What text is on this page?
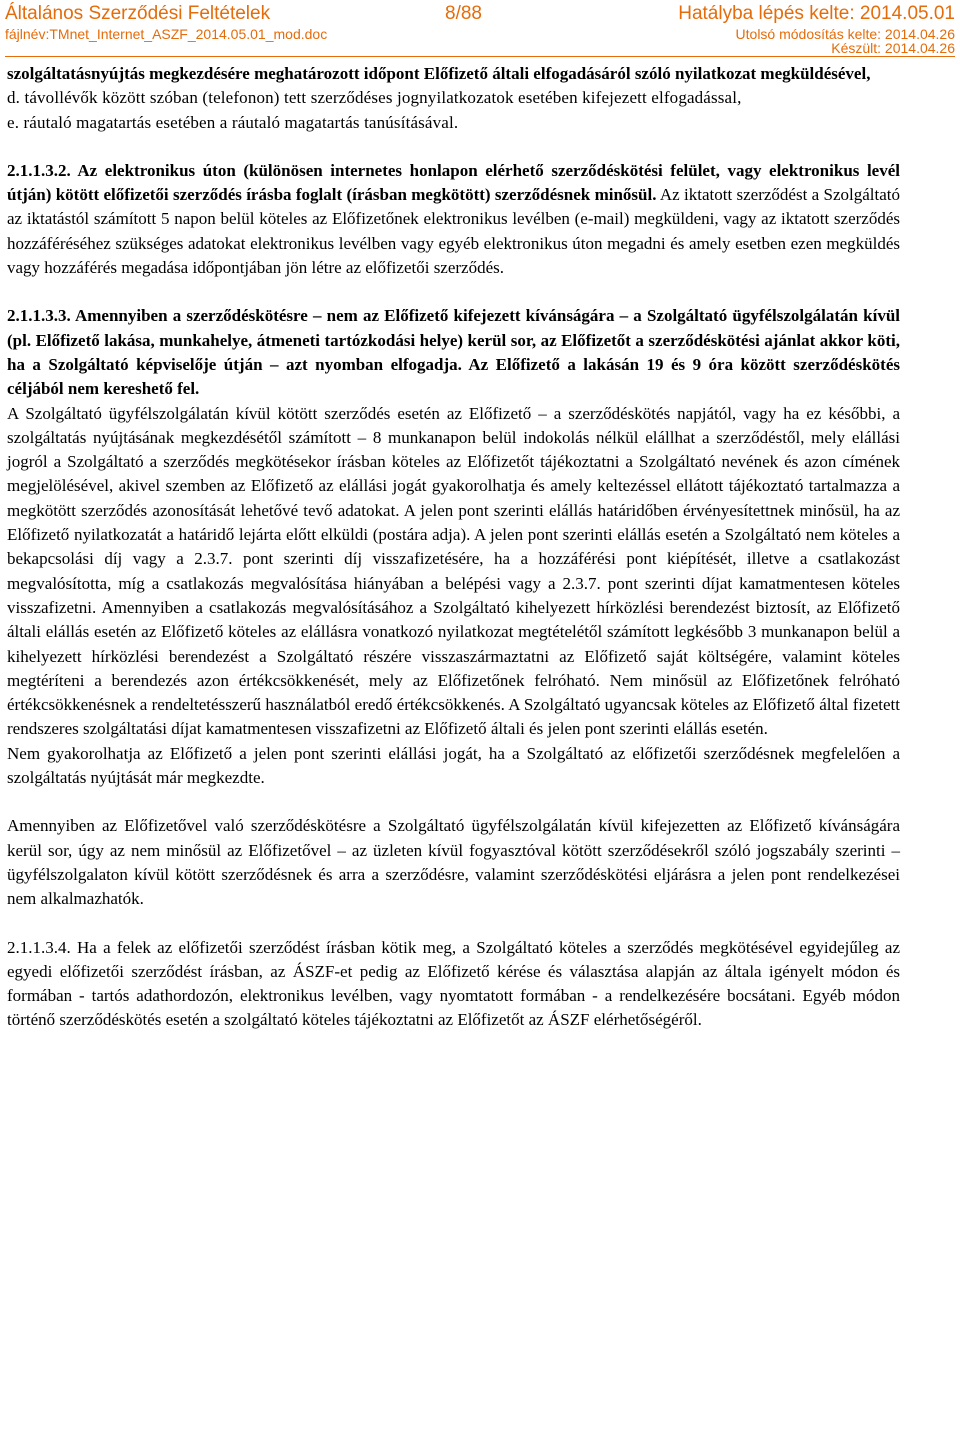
Általános Szerződési Feltételek	8/88	Hatályba lépés kelte: 2014.05.01
fájlnév:TMnet_Internet_ASZF_2014.05.01_mod.doc	Utolsó módosítás kelte: 2014.04.26
Készült: 2014.04.26

szolgáltatásnyújtás megkezdésére meghatározott időpont Előfizető általi elfogadásáról szóló nyilatkozat megküldésével,

d. távollévők között szóban (telefonon) tett szerződéses jognyilatkozatok esetében kifejezett elfogadással,

e. ráutaló magatartás esetében a ráutaló magatartás tanúsításával.

2.1.1.3.2. Az elektronikus úton (különösen internetes honlapon elérhető szerződéskötési felület, vagy elektronikus levél útján) kötött előfizetői szerződés írásba foglalt (írásban megkötött) szerződésnek minősül. Az iktatott szerződést a Szolgáltató az iktatástól számított 5 napon belül köteles az Előfizetőnek elektronikus levélben (e-mail) megküldeni, vagy az iktatott szerződés hozzáféréséhez szükséges adatokat elektronikus levélben vagy egyéb elektronikus úton megadni és amely esetben ezen megküldés vagy hozzáférés megadása időpontjában jön létre az előfizetői szerződés.

2.1.1.3.3. Amennyiben a szerződéskötésre – nem az Előfizető kifejezett kívánságára – a Szolgáltató ügyfélszolgálatán kívül (pl. Előfizető lakása, munkahelye, átmeneti tartózkodási helye) kerül sor, az Előfizetőt a szerződéskötési ajánlat akkor köti, ha a Szolgáltató képviselője útján – azt nyomban elfogadja. Az Előfizető a lakásán 19 és 9 óra között szerződéskötés céljából nem kereshető fel.

A Szolgáltató ügyfélszolgálatán kívül kötött szerződés esetén az Előfizető – a szerződéskötés napjától, vagy ha ez későbbi, a szolgáltatás nyújtásának megkezdésétől számított – 8 munkanapon belül indokolás nélkül elállhat a szerződéstől, mely elállási jogról a Szolgáltató a szerződés megkötésekor írásban köteles az Előfizetőt tájékoztatni a Szolgáltató nevének és azon címének megjelölésével, akivel szemben az Előfizető az elállási jogát gyakorolhatja és amely keltezéssel ellátott tájékoztató tartalmazza a megkötött szerződés azonosítását lehetővé tevő adatokat. A jelen pont szerinti elállás határidőben érvényesítettnek minősül, ha az Előfizető nyilatkozatát a határidő lejárta előtt elküldi (postára adja). A jelen pont szerinti elállás esetén a Szolgáltató nem köteles a bekapcsolási díj vagy a 2.3.7. pont szerinti díj visszafizetésére, ha a hozzáférési pont kiépítését, illetve a csatlakozást megvalósította, míg a csatlakozás megvalósítása hiányában a belépési vagy a 2.3.7. pont szerinti díjat kamatmentesen köteles visszafizetni. Amennyiben a csatlakozás megvalósításához a Szolgáltató kihelyezett hírközlési berendezést biztosít, az Előfizető általi elállás esetén az Előfizető köteles az elállásra vonatkozó nyilatkozat megtételétől számított legkésőbb 3 munkanapon belül a kihelyezett hírközlési berendezést a Szolgáltató részére visszaszármaztatni az Előfizető saját költségére, valamint köteles megtéríteni a berendezés azon értékcsökkenését, mely az Előfizetőnek felróható. Nem minősül az Előfizetőnek felróható értékcsökkenésnek a rendeltetésszerű használatból eredő értékcsökkenés. A Szolgáltató ugyancsak köteles az Előfizető által fizetett rendszeres szolgáltatási díjat kamatmentesen visszafizetni az Előfizető általi és jelen pont szerinti elállás esetén.

Nem gyakorolhatja az Előfizető a jelen pont szerinti elállási jogát, ha a Szolgáltató az előfizetői szerződésnek megfelelően a szolgáltatás nyújtását már megkezdte.

Amennyiben az Előfizetővel való szerződéskötésre a Szolgáltató ügyfélszolgálatán kívül kifejezetten az Előfizető kívánságára kerül sor, úgy az nem minősül az Előfizetővel – az üzleten kívül fogyasztóval kötött szerződésekről szóló jogszabály szerinti – ügyfélszolgalaton kívül kötött szerződésnek és arra a szerződésre, valamint szerződéskötési eljárásra a jelen pont rendelkezései nem alkalmazhatók.

2.1.1.3.4. Ha a felek az előfizetői szerződést írásban kötik meg, a Szolgáltató köteles a szerződés megkötésével egyidejűleg az egyedi előfizetői szerződést írásban, az ÁSZF-et pedig az Előfizető kérése és választása alapján az általa igényelt módon és formában - tartós adathordozón, elektronikus levélben, vagy nyomtatott formában - a rendelkezésére bocsátani. Egyéb módon történő szerződéskötés esetén a szolgáltató köteles tájékoztatni az Előfizetőt az ÁSZF elérhetőségéről.
